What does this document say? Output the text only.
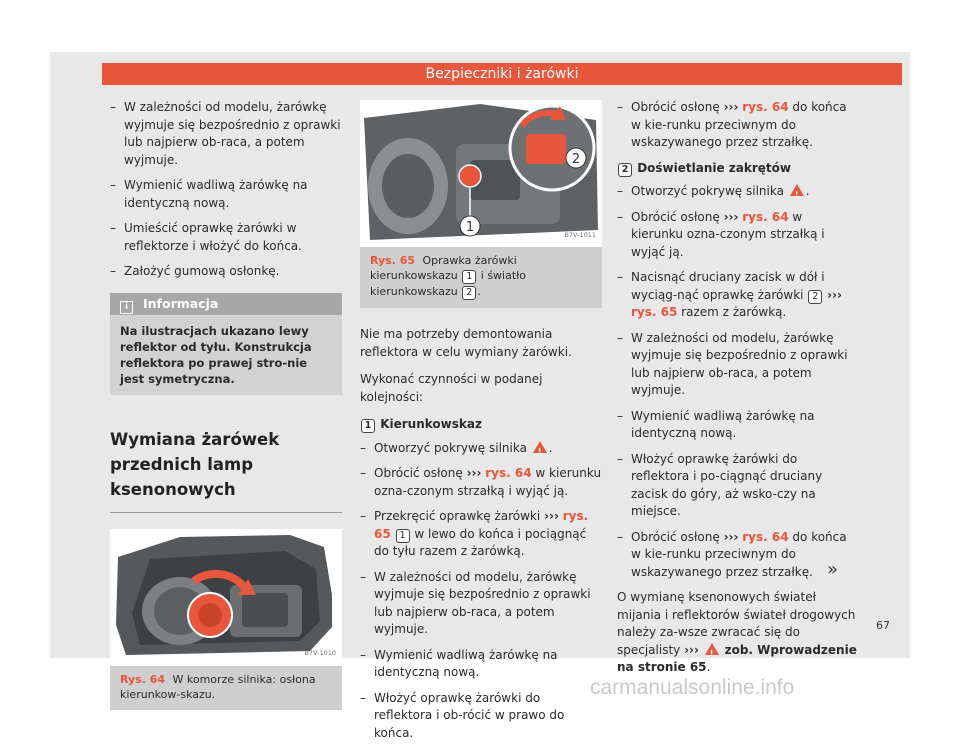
Bezpieczniki i żarówki
– W zależności od modelu, żarówkę wyjmuje się bezpośrednio z oprawki lub najpierw ob-raca, a potem wyjmuje.
– Wymienić wadliwą żarówkę na identyczną nową.
– Umieścić oprawkę żarówki w reflektorze i włożyć do końca.
– Założyć gumową osłonkę.
i Informacja
Na ilustracjach ukazano lewy reflektor od tyłu. Konstrukcja reflektora po prawej stro-nie jest symetryczna.
Wymiana żarówek przednich lamp ksenonowych
B7V-1010
Rys. 64 W komorze silnika: osłona kierunkow-skazu.
1
2
B7V-1011
Rys. 65 Oprawka żarówki kierunkowskazu 1 i światło kierunkowskazu 2 .

Nie ma potrzeby demontowania reflektora w celu wymiany żarówki.

Wykonać czynności w podanej kolejności:

1 Kierunkowskaz
– Otworzyć pokrywę silnika ! .
– Obrócić osłonę ››› rys. 64 w kierunku ozna-czonym strzałką i wyjąć ją.
– Przekręcić oprawkę żarówki ››› rys. 65 1 w lewo do końca i pociągnąć do tyłu razem z żarówką.
– W zależności od modelu, żarówkę wyjmuje się bezpośrednio z oprawki lub najpierw ob-raca, a potem wyjmuje.
– Wymienić wadliwą żarówkę na identyczną nową.
– Włożyć oprawkę żarówki do reflektora i ob-rócić w prawo do końca.
– Obrócić osłonę ››› rys. 64 do końca w kie-runku przeciwnym do wskazywanego przez strzałkę.
2 Doświetlanie zakrętów
– Otworzyć pokrywę silnika ! .
– Obrócić osłonę ››› rys. 64 w kierunku ozna-czonym strzałką i wyjąć ją.
– Nacisnąć druciany zacisk w dół i wyciąg-nąć oprawkę żarówki 2 ››› rys. 65 razem z żarówką.
– W zależności od modelu, żarówkę wyjmuje się bezpośrednio z oprawki lub najpierw ob-raca, a potem wyjmuje.
– Wymienić wadliwą żarówkę na identyczną nową.
– Włożyć oprawkę żarówki do reflektora i po-ciągnąć druciany zacisk do góry, aż wsko-czy na miejsce.
– Obrócić osłonę ››› rys. 64 do końca w kie-runku przeciwnym do wskazywanego przez strzałkę.

O wymianę ksenonowych świateł mijania i reflektorów świateł drogowych należy za-wsze zwracać się do specjalisty ››› ! zob. Wprowadzenie na stronie 65.

»
67
carmanualsonline.info
